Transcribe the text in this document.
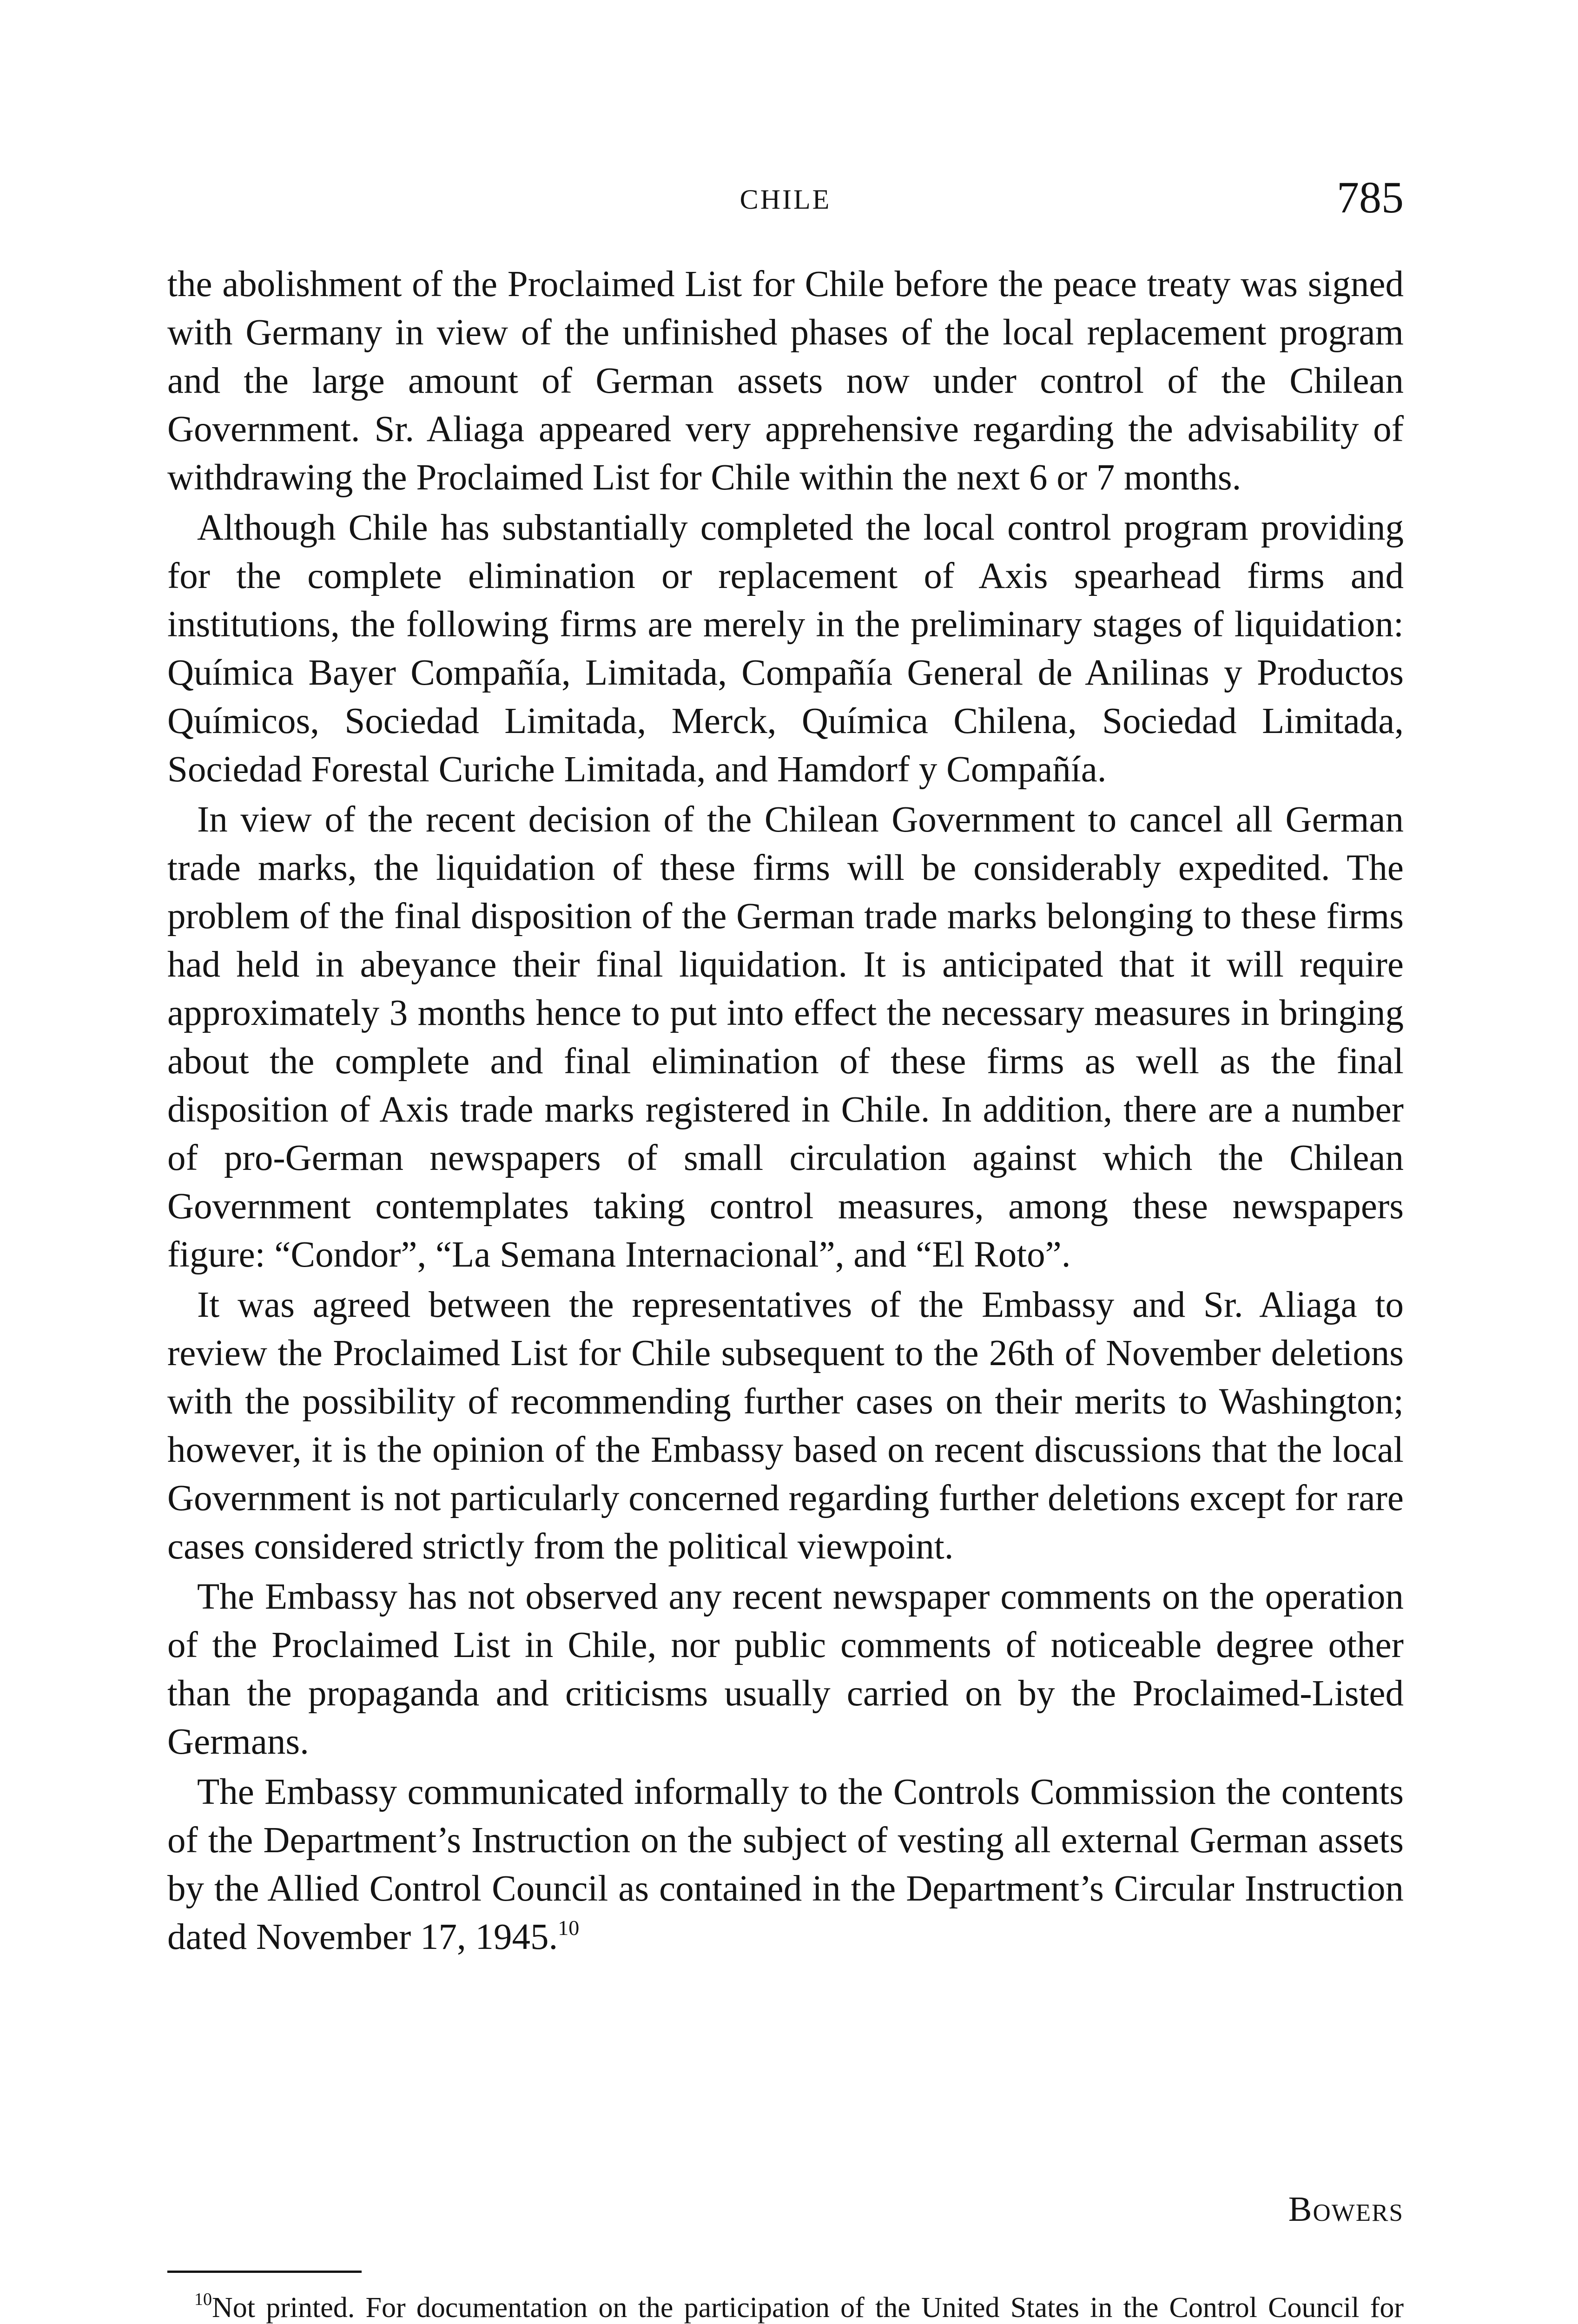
CHILE	785

the abolishment of the Proclaimed List for Chile before the peace treaty was signed with Germany in view of the unfinished phases of the local replacement program and the large amount of German assets now under control of the Chilean Government. Sr. Aliaga appeared very apprehensive regarding the advisability of withdrawing the Proclaimed List for Chile within the next 6 or 7 months.

Although Chile has substantially completed the local control program providing for the complete elimination or replacement of Axis spearhead firms and institutions, the following firms are merely in the preliminary stages of liquidation: Química Bayer Compañía, Limitada, Compañía General de Anilinas y Productos Químicos, Sociedad Limitada, Merck, Química Chilena, Sociedad Limitada, Sociedad Forestal Curiche Limitada, and Hamdorf y Compañía.

In view of the recent decision of the Chilean Government to cancel all German trade marks, the liquidation of these firms will be considerably expedited. The problem of the final disposition of the German trade marks belonging to these firms had held in abeyance their final liquidation. It is anticipated that it will require approximately 3 months hence to put into effect the necessary measures in bringing about the complete and final elimination of these firms as well as the final disposition of Axis trade marks registered in Chile. In addition, there are a number of pro-German newspapers of small circulation against which the Chilean Government contemplates taking control measures, among these newspapers figure: “Condor”, “La Semana Internacional”, and “El Roto”.

It was agreed between the representatives of the Embassy and Sr. Aliaga to review the Proclaimed List for Chile subsequent to the 26th of November deletions with the possibility of recommending further cases on their merits to Washington; however, it is the opinion of the Embassy based on recent discussions that the local Government is not particularly concerned regarding further deletions except for rare cases considered strictly from the political viewpoint.

The Embassy has not observed any recent newspaper comments on the operation of the Proclaimed List in Chile, nor public comments of noticeable degree other than the propaganda and criticisms usually carried on by the Proclaimed-Listed Germans.

The Embassy communicated informally to the Controls Commission the contents of the Department’s Instruction on the subject of vesting all external German assets by the Allied Control Council as contained in the Department’s Circular Instruction dated November 17, 1945.10

Bowers
$^{10}$Not printed. For documentation on the participation of the United States in the Control Council for
